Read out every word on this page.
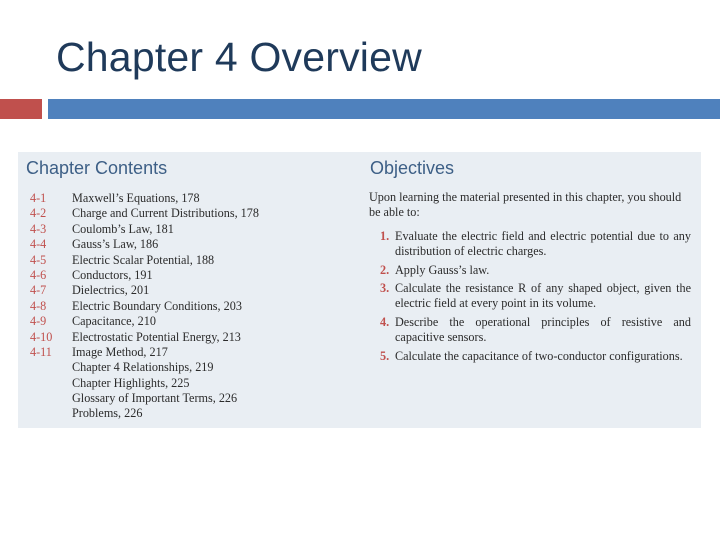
Chapter 4 Overview
Chapter Contents
4-1	Maxwell’s Equations, 178
4-2	Charge and Current Distributions, 178
4-3	Coulomb’s Law, 181
4-4	Gauss’s Law, 186
4-5	Electric Scalar Potential, 188
4-6	Conductors, 191
4-7	Dielectrics, 201
4-8	Electric Boundary Conditions, 203
4-9	Capacitance, 210
4-10	Electrostatic Potential Energy, 213
4-11	Image Method, 217
Chapter 4 Relationships, 219
Chapter Highlights, 225
Glossary of Important Terms, 226
Problems, 226
Objectives

Upon learning the material presented in this chapter, you should be able to:

1. Evaluate the electric field and electric potential due to any distribution of electric charges.
2. Apply Gauss’s law.
3. Calculate the resistance R of any shaped object, given the electric field at every point in its volume.
4. Describe the operational principles of resistive and capacitive sensors.
5. Calculate the capacitance of two-conductor configurations.
